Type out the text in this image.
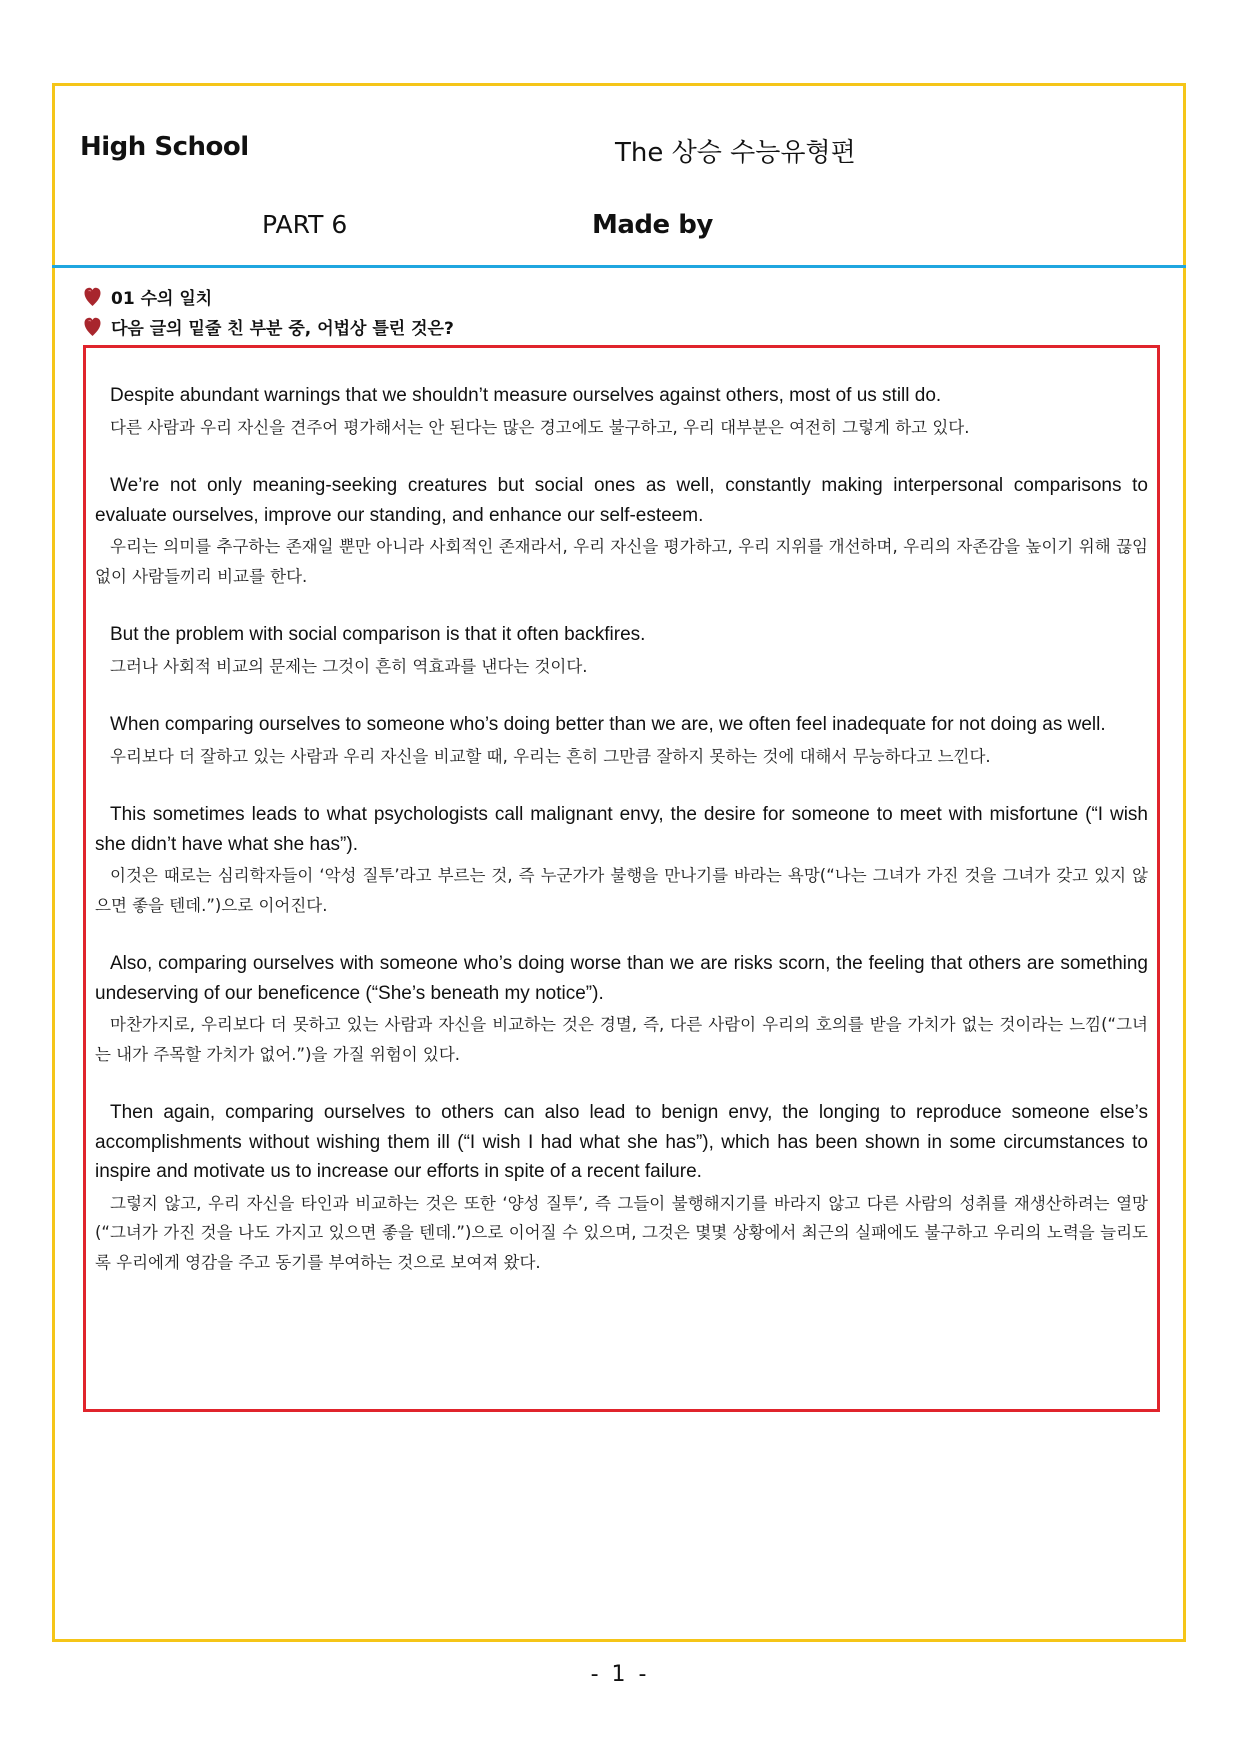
High School	The 상승 수능유형편
PART 6	Made by
01 수의 일치
다음 글의 밑줄 친 부분 중, 어법상 틀린 것은?

Despite abundant warnings that we shouldn’t measure ourselves against others, most of us still do.

다른 사람과 우리 자신을 견주어 평가해서는 안 된다는 많은 경고에도 불구하고, 우리 대부분은 여전히 그렇게 하고 있다.

We’re not only meaning-seeking creatures but social ones as well, constantly making interpersonal comparisons to evaluate ourselves, improve our standing, and enhance our self-esteem.

우리는 의미를 추구하는 존재일 뿐만 아니라 사회적인 존재라서, 우리 자신을 평가하고, 우리 지위를 개선하며, 우리의 자존감을 높이기 위해 끊임없이 사람들끼리 비교를 한다.

But the problem with social comparison is that it often backfires.

그러나 사회적 비교의 문제는 그것이 흔히 역효과를 낸다는 것이다.

When comparing ourselves to someone who’s doing better than we are, we often feel inadequate for not doing as well.

우리보다 더 잘하고 있는 사람과 우리 자신을 비교할 때, 우리는 흔히 그만큼 잘하지 못하는 것에 대해서 무능하다고 느낀다.

This sometimes leads to what psychologists call malignant envy, the desire for someone to meet with misfortune (“I wish she didn’t have what she has”).

이것은 때로는 심리학자들이 ‘악성 질투’라고 부르는 것, 즉 누군가가 불행을 만나기를 바라는 욕망(“나는 그녀가 가진 것을 그녀가 갖고 있지 않으면 좋을 텐데.”)으로 이어진다.

Also, comparing ourselves with someone who’s doing worse than we are risks scorn, the feeling that others are something undeserving of our beneficence (“She’s beneath my notice”).

마찬가지로, 우리보다 더 못하고 있는 사람과 자신을 비교하는 것은 경멸, 즉, 다른 사람이 우리의 호의를 받을 가치가 없는 것이라는 느낌(“그녀는 내가 주목할 가치가 없어.”)을 가질 위험이 있다.

Then again, comparing ourselves to others can also lead to benign envy, the longing to reproduce someone else’s accomplishments without wishing them ill (“I wish I had what she has”), which has been shown in some circumstances to inspire and motivate us to increase our efforts in spite of a recent failure.

그렇지 않고, 우리 자신을 타인과 비교하는 것은 또한 ‘양성 질투’, 즉 그들이 불행해지기를 바라지 않고 다른 사람의 성취를 재생산하려는 열망(“그녀가 가진 것을 나도 가지고 있으면 좋을 텐데.”)으로 이어질 수 있으며, 그것은 몇몇 상황에서 최근의 실패에도 불구하고 우리의 노력을 늘리도록 우리에게 영감을 주고 동기를 부여하는 것으로 보여져 왔다.

- 1 -
